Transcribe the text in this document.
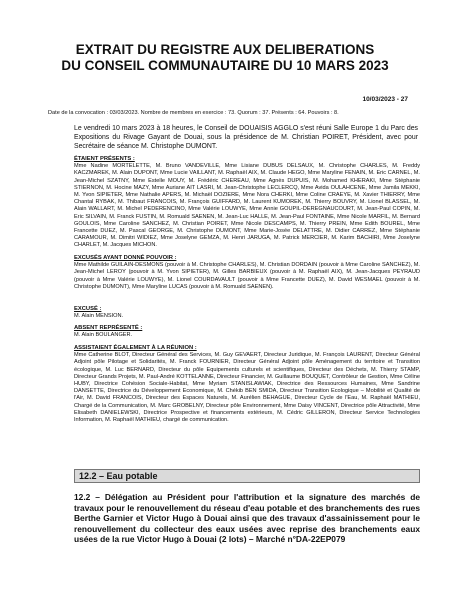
EXTRAIT DU REGISTRE AUX DELIBERATIONS
DU CONSEIL COMMUNAUTAIRE DU 10 MARS 2023
10/03/2023 - 27
Date de la convocation : 03/03/2023. Nombre de membres en exercice : 73. Quorum : 37. Présents : 64. Pouvoirs : 8.
Le vendredi 10 mars 2023 à 18 heures, le Conseil de DOUAISIS AGGLO s'est réuni Salle Europe 1 du Parc des Expositions du Rivage Gayant de Douai, sous la présidence de M. Christian POIRET, Président, avec pour Secrétaire de séance M. Christophe DUMONT.
ÉTAIENT PRÉSENTS :

Mme Nadine MORTELETTE, M. Bruno VANDEVILLE, Mme Lisiane DUBUS DELSAUX, M. Christophe CHARLES, M. Freddy KACZMAREK, M. Alain DUPONT, Mme Lucie VAILLANT, M. Raphaël AIX, M. Claude HEGO, Mme Maryline FENAIN, M. Eric CARNEL, M. Jean-Michel SZATNY, Mme Estelle MOUY, M. Frédéric CHEREAU, Mme Agnès DUPUIS, M. Mohamed KHERAKI, Mme Stéphanie STIERNON, M. Hocine MAZY, Mme Auriane AIT LASRI, M. Jean-Christophe LECLERCQ, Mme Avida OULAHCENE, Mme Jamila MEKKI, M. Yvon SIPIETER, Mme Nathalie APERS, M. Michaël DOZIERE, Mme Nora CHERKI, Mme Coline CRAEYE, M. Xavier THIERRY, Mme Chantal RYBAK, M. Thibaut FRANCOIS, M. François GUIFFARD, M. Laurent KUMOREK, M. Thierry BOUVRY, M. Lionel BLASSEL, M. Alain WALLART, M. Michel PEDERENCINO, Mme Valérie LOUWYE, Mme Annie GOUPIL-DEREGNAUCOURT, M. Jean-Paul COPIN, M. Eric SILVAIN, M. Franck FUSTIN, M. Romuald SAENEN, M. Jean-Luc HALLE, M. Jean-Paul FONTAINE, Mme Nicole MARFIL, M. Bernard GOULOIS, Mme Caroline SANCHEZ, M. Christian POIRET, Mme Nicole DESCAMPS, M. Thierry PREIN, Mme Edith BOUREL, Mme Francette DUEZ, M. Pascal GEORGE, M. Christophe DUMONT, Mme Marie-Josée DELATTRE, M. Didier CARREZ, Mme Stéphanie CARAMOUR, M. Dimitri WIDIEZ, Mme Joselyne GEMZA, M. Henri JARUGA, M. Patrick MERCIER, M. Karim BACHIRI, Mme Joselyne CHARLET, M. Jacques MICHON.

EXCUSÉS AYANT DONNÉ POUVOIR :

Mme Mathilde GUILAIN-DESMONS (pouvoir à M. Christophe CHARLES), M. Christian DORDAIN (pouvoir à Mme Caroline SANCHEZ), M. Jean-Michel LEROY (pouvoir à M. Yvon SIPIETER), M. Gilles BARBIEUX (pouvoir à M. Raphaël AIX), M. Jean-Jacques PEYRAUD (pouvoir à Mme Valérie LOUWYE), M. Lionel COURDAVAULT (pouvoir à Mme Francette DUEZ), M. David WESMAEL (pouvoir à M. Christophe DUMONT), Mme Maryline LUCAS (pouvoir à M. Romuald SAENEN).

EXCUSÉ :

M. Alain MENSION.

ABSENT REPRÉSENTÉ :

M. Alain BOULANGER.

ASSISTAIENT ÉGALEMENT À LA RÉUNION :

Mme Catherine BLOT, Directeur Général des Services, M. Guy GEVAERT, Directeur Juridique, M. François LAURENT, Directeur Général Adjoint pôle Pilotage et Solidarités, M. Franck FOURNIER, Directeur Général Adjoint pôle Aménagement du territoire et Transition écologique, M. Luc BERNARD, Directeur du pôle Equipements culturels et scientifiques, Directeur des Déchets, M. Thierry STAMP, Directeur Grands Projets, M. Paul-André KOTTELANNE, Directeur Financier, M. Guillaume BOUQUET, Contrôleur de Gestion, Mme Céline HUBY, Directrice Cohésion Sociale-Habitat, Mme Myriam STANISLAWIAK, Directrice des Ressources Humaines, Mme Sandrine DANSETTE, Directrice du Développement Economique, M. Chékib BEN SMIDA, Directeur Transition Ecologique – Mobilité et Qualité de l'Air, M. David FRANCOIS, Directeur des Espaces Naturels, M. Aurélien BEHAGUE, Directeur Cycle de l'Eau, M. Raphaël MATHIEU, Chargé de la Communication, M. Marc GROBELNY, Directeur pôle Environnement, Mme Daisy VINCENT, Directrice pôle Attractivité, Mme Elisabeth DANIELEWSKI, Directrice Prospective et financements extérieurs, M. Cédric GILLERON, Directeur Service Technologies Information, M. Raphaël MATHIEU, chargé de communication.

12.2 – Eau potable
12.2 – Délégation au Président pour l'attribution et la signature des marchés de travaux pour le renouvellement du réseau d'eau potable et des branchements des rues Berthe Garnier et Victor Hugo à Douai ainsi que des travaux d'assainissement pour le renouvellement du collecteur des eaux usées avec reprise des branchements eaux usées de la rue Victor Hugo à Douai (2 lots) – Marché n°DA-22EP079
